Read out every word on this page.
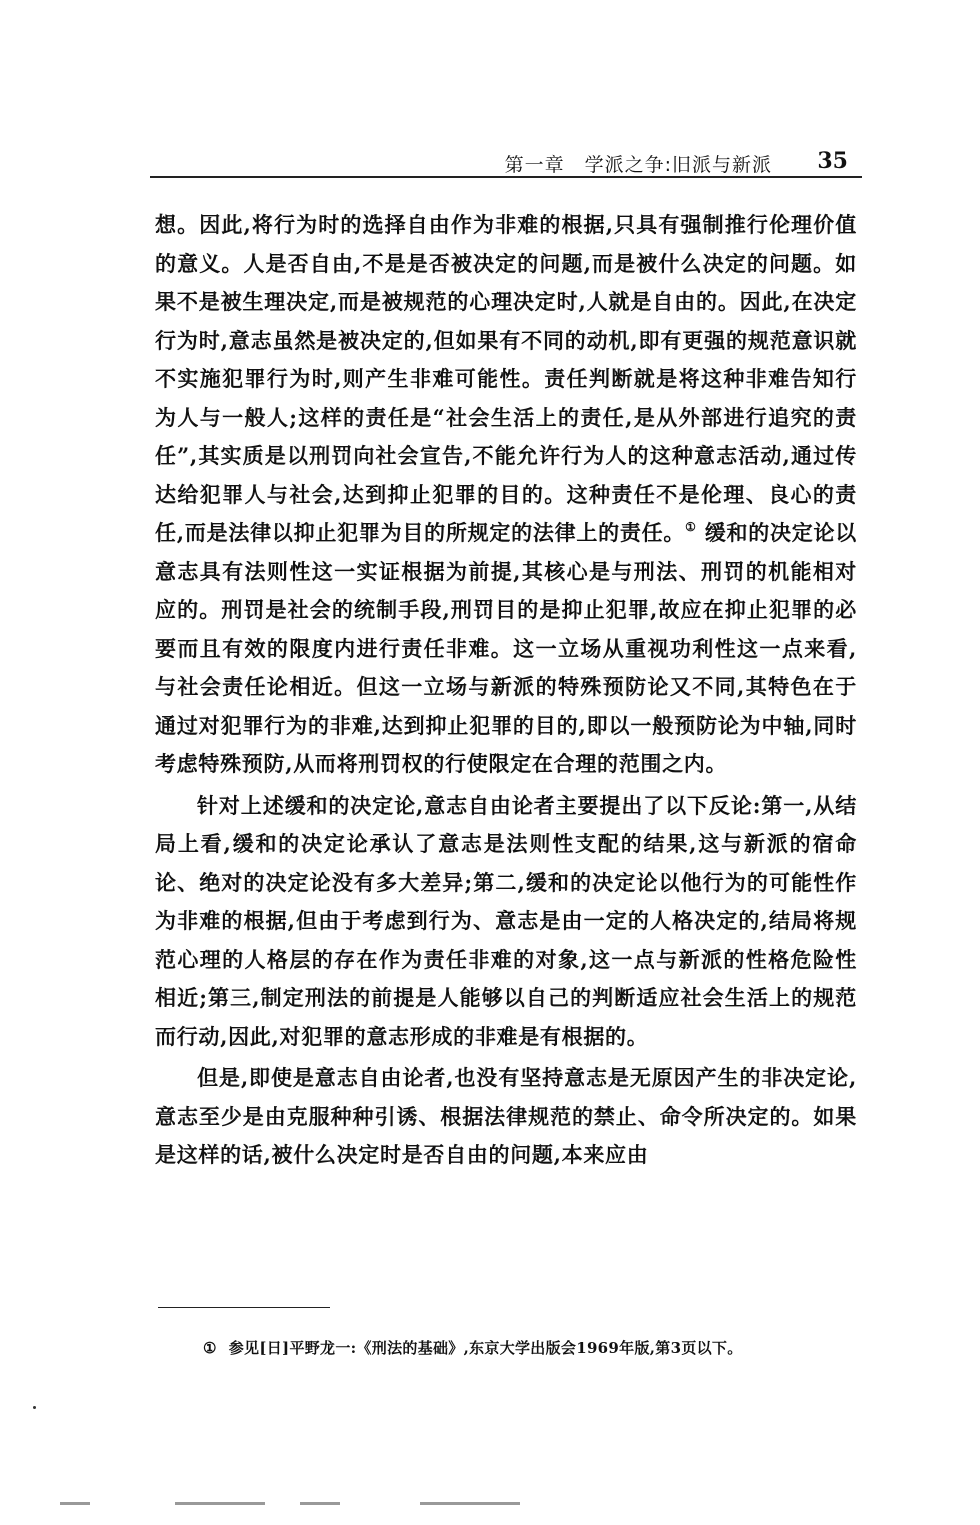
第一章　学派之争:旧派与新派 35

想。因此,将行为时的选择自由作为非难的根据,只具有强制推行伦理价值的意义。人是否自由,不是是否被决定的问题,而是被什么决定的问题。如果不是被生理决定,而是被规范的心理决定时,人就是自由的。因此,在决定行为时,意志虽然是被决定的,但如果有不同的动机,即有更强的规范意识就不实施犯罪行为时,则产生非难可能性。责任判断就是将这种非难告知行为人与一般人;这样的责任是“社会生活上的责任,是从外部进行追究的责任”,其实质是以刑罚向社会宣告,不能允许行为人的这种意志活动,通过传达给犯罪人与社会,达到抑止犯罪的目的。这种责任不是伦理、良心的责任,而是法律以抑止犯罪为目的所规定的法律上的责任。① 缓和的决定论以意志具有法则性这一实证根据为前提,其核心是与刑法、刑罚的机能相对应的。刑罚是社会的统制手段,刑罚目的是抑止犯罪,故应在抑止犯罪的必要而且有效的限度内进行责任非难。这一立场从重视功利性这一点来看,与社会责任论相近。但这一立场与新派的特殊预防论又不同,其特色在于通过对犯罪行为的非难,达到抑止犯罪的目的,即以一般预防论为中轴,同时考虑特殊预防,从而将刑罚权的行使限定在合理的范围之内。

针对上述缓和的决定论,意志自由论者主要提出了以下反论:第一,从结局上看,缓和的决定论承认了意志是法则性支配的结果,这与新派的宿命论、绝对的决定论没有多大差异;第二,缓和的决定论以他行为的可能性作为非难的根据,但由于考虑到行为、意志是由一定的人格决定的,结局将规范心理的人格层的存在作为责任非难的对象,这一点与新派的性格危险性相近;第三,制定刑法的前提是人能够以自己的判断适应社会生活上的规范而行动,因此,对犯罪的意志形成的非难是有根据的。

但是,即使是意志自由论者,也没有坚持意志是无原因产生的非决定论,意志至少是由克服种种引诱、根据法律规范的禁止、命令所决定的。如果是这样的话,被什么决定时是否自由的问题,本来应由

① 参见[日]平野龙一:《刑法的基础》,东京大学出版会1969年版,第3页以下。
